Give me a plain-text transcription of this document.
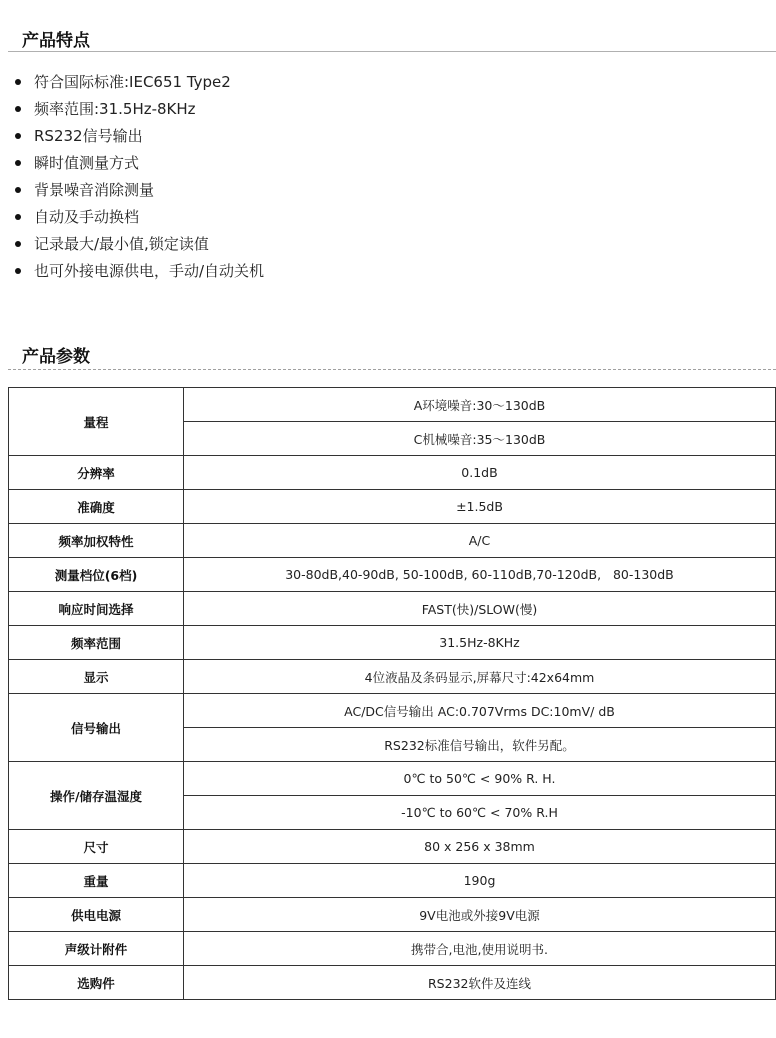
产品特点
符合国际标准:IEC651 Type2
频率范围:31.5Hz-8KHz
RS232信号输出
瞬时值测量方式
背景噪音消除测量
自动及手动换档
记录最大/最小值,锁定读值
也可外接电源供电，手动/自动关机
产品参数
量程	A环境噪音:30～130dB
	C机械噪音:35～130dB
分辨率	0.1dB
准确度	±1.5dB
频率加权特性	A/C
测量档位(6档)	30-80dB,40-90dB, 50-100dB, 60-110dB,70-120dB,   80-130dB
响应时间选择	FAST(快)/SLOW(慢)
频率范围	31.5Hz-8KHz
显示	4位液晶及条码显示,屏幕尺寸:42x64mm
信号输出	AC/DC信号输出 AC:0.707Vrms DC:10mV/ dB
	RS232标准信号输出，软件另配。
操作/储存温湿度	0℃ to 50℃ < 90% R. H.
	-10℃ to 60℃ < 70% R.H
尺寸	80 x 256 x 38mm
重量	190g
供电电源	9V电池或外接9V电源
声级计附件	携带合,电池,使用说明书.
选购件	RS232软件及连线
